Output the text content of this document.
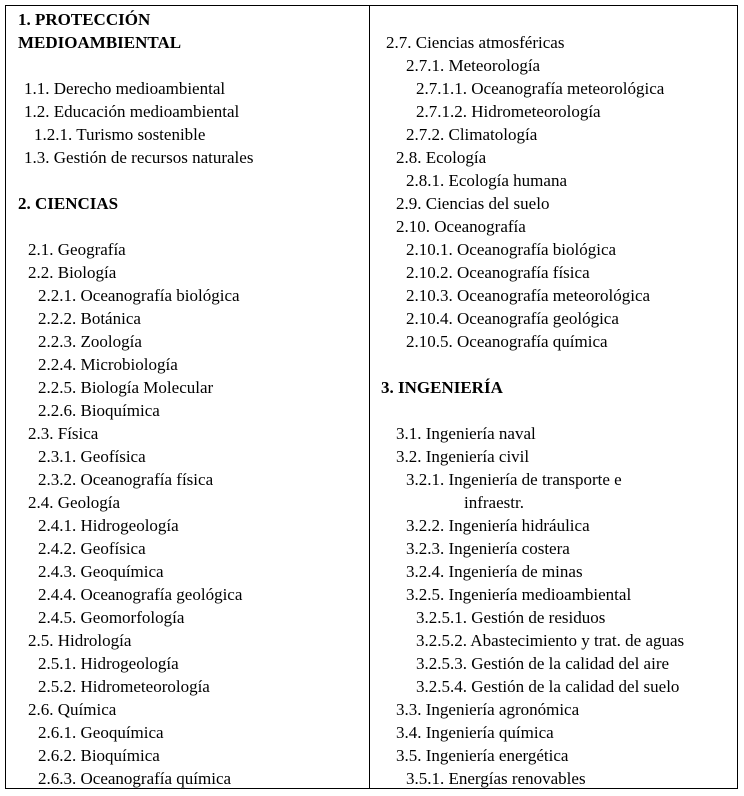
1. PROTECCIÓN
MEDIOAMBIENTAL
1.1. Derecho medioambiental
1.2. Educación medioambiental
1.2.1. Turismo sostenible
1.3. Gestión de recursos naturales
2. CIENCIAS
2.1. Geografía
2.2. Biología
2.2.1. Oceanografía biológica
2.2.2. Botánica
2.2.3. Zoología
2.2.4. Microbiología
2.2.5. Biología Molecular
2.2.6. Bioquímica
2.3. Física
2.3.1. Geofísica
2.3.2. Oceanografía física
2.4. Geología
2.4.1. Hidrogeología
2.4.2. Geofísica
2.4.3. Geoquímica
2.4.4. Oceanografía geológica
2.4.5. Geomorfología
2.5. Hidrología
2.5.1. Hidrogeología
2.5.2. Hidrometeorología
2.6. Química
2.6.1. Geoquímica
2.6.2. Bioquímica
2.6.3. Oceanografía química
2.7. Ciencias atmosféricas
2.7.1. Meteorología
2.7.1.1. Oceanografía meteorológica
2.7.1.2. Hidrometeorología
2.7.2. Climatología
2.8. Ecología
2.8.1. Ecología humana
2.9. Ciencias del suelo
2.10. Oceanografía
2.10.1. Oceanografía biológica
2.10.2. Oceanografía física
2.10.3. Oceanografía meteorológica
2.10.4. Oceanografía geológica
2.10.5. Oceanografía química
3. INGENIERÍA
3.1. Ingeniería naval
3.2. Ingeniería civil
3.2.1. Ingeniería de transporte e
infraestr.
3.2.2. Ingeniería hidráulica
3.2.3. Ingeniería costera
3.2.4. Ingeniería de minas
3.2.5. Ingeniería medioambiental
3.2.5.1. Gestión de residuos
3.2.5.2. Abastecimiento y trat. de aguas
3.2.5.3. Gestión de la calidad del aire
3.2.5.4. Gestión de la calidad del suelo
3.3. Ingeniería agronómica
3.4. Ingeniería química
3.5. Ingeniería energética
3.5.1. Energías renovables
